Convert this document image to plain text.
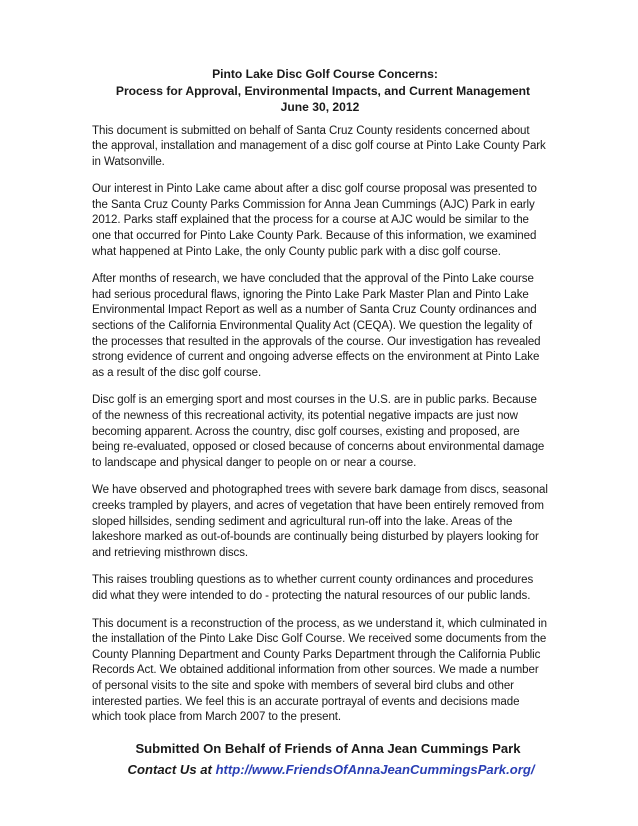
Pinto Lake Disc Golf Course Concerns:
Process for Approval, Environmental Impacts, and Current Management
June 30, 2012

This document is submitted on behalf of Santa Cruz County residents concerned about the approval, installation and management of a disc golf course at Pinto Lake County Park in Watsonville.

Our interest in Pinto Lake came about after a disc golf course proposal was presented to the Santa Cruz County Parks Commission for Anna Jean Cummings (AJC) Park in early 2012. Parks staff explained that the process for a course at AJC would be similar to the one that occurred for Pinto Lake County Park. Because of this information, we examined what happened at Pinto Lake, the only County public park with a disc golf course.

After months of research, we have concluded that the approval of the Pinto Lake course had serious procedural flaws, ignoring the Pinto Lake Park Master Plan and Pinto Lake Environmental Impact Report as well as a number of Santa Cruz County ordinances and sections of the California Environmental Quality Act (CEQA). We question the legality of the processes that resulted in the approvals of the course. Our investigation has revealed strong evidence of current and ongoing adverse effects on the environment at Pinto Lake as a result of the disc golf course.

Disc golf is an emerging sport and most courses in the U.S. are in public parks. Because of the newness of this recreational activity, its potential negative impacts are just now becoming apparent. Across the country, disc golf courses, existing and proposed, are being re-evaluated, opposed or closed because of concerns about environmental damage to landscape and physical danger to people on or near a course.

We have observed and photographed trees with severe bark damage from discs, seasonal creeks trampled by players, and acres of vegetation that have been entirely removed from sloped hillsides, sending sediment and agricultural run-off into the lake. Areas of the lakeshore marked as out-of-bounds are continually being disturbed by players looking for and retrieving misthrown discs.

This raises troubling questions as to whether current county ordinances and procedures did what they were intended to do - protecting the natural resources of our public lands.

This document is a reconstruction of the process, as we understand it, which culminated in the installation of the Pinto Lake Disc Golf Course. We received some documents from the County Planning Department and County Parks Department through the California Public Records Act. We obtained additional information from other sources. We made a number of personal visits to the site and spoke with members of several bird clubs and other interested parties. We feel this is an accurate portrayal of events and decisions made which took place from March 2007 to the present.

Submitted On Behalf of Friends of Anna Jean Cummings Park
Contact Us at http://www.FriendsOfAnnaJeanCummingsPark.org/
